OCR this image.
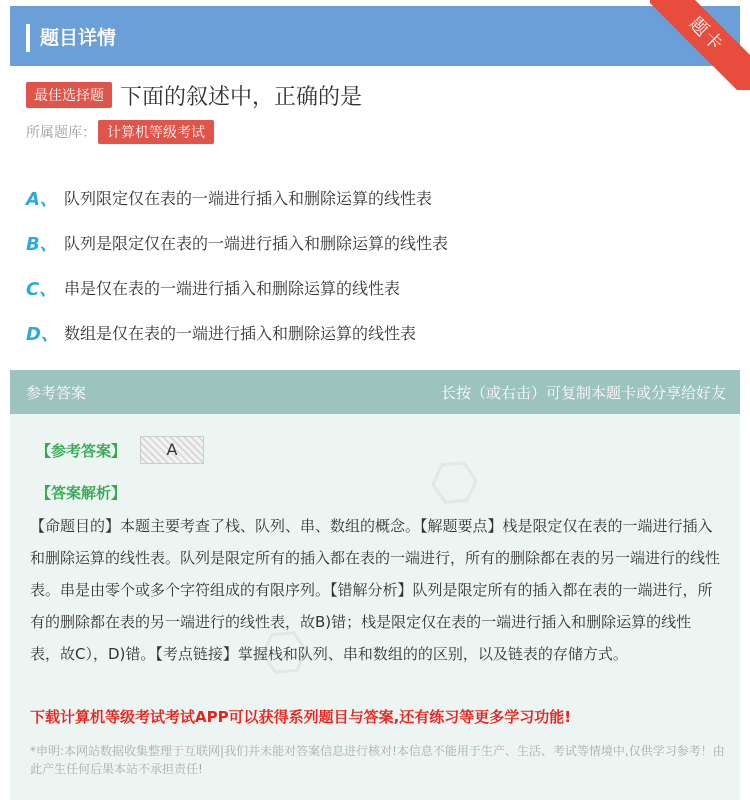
题目详情	题卡
最佳选择题 下面的叙述中，正确的是
所属题库： 计算机等级考试
A、 队列限定仅在表的一端进行插入和删除运算的线性表
B、 队列是限定仅在表的一端进行插入和删除运算的线性表
C、 串是仅在表的一端进行插入和删除运算的线性表
D、 数组是仅在表的一端进行插入和删除运算的线性表
⬡
⬡
参考答案	长按（或右击）可复制本题卡或分享给好友
【参考答案】	A
【答案解析】
【命题目的】本题主要考查了栈、队列、串、数组的概念。【解题要点】栈是限定仅在表的一端进行插入和删除运算的线性表。队列是限定所有的插入都在表的一端进行，所有的删除都在表的另一端进行的线性表。串是由零个或多个字符组成的有限序列。【错解分析】队列是限定所有的插入都在表的一端进行，所有的删除都在表的另一端进行的线性表，故B)错；栈是限定仅在表的一端进行插入和删除运算的线性表，故C），D)错。【考点链接】掌握栈和队列、串和数组的的区别，以及链表的存储方式。
下载计算机等级考试考试APP可以获得系列题目与答案,还有练习等更多学习功能!
*申明:本网站数据收集整理于互联网|我们并未能对答案信息进行核对!本信息不能用于生产、生活、考试等情境中,仅供学习参考！由此产生任何后果本站不承担责任!
